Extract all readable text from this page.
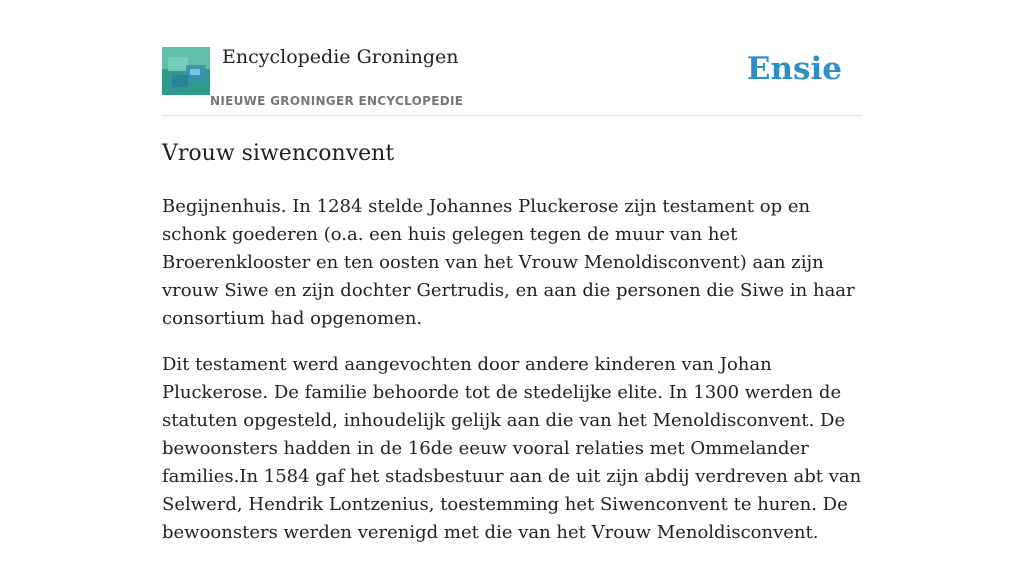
Encyclopedie Groningen
NIEUWE GRONINGER ENCYCLOPEDIE
Ensie
Vrouw siwenconvent

Begijnenhuis. In 1284 stelde Johannes Pluckerose zijn testament op en schonk goederen (o.a. een huis gelegen tegen de muur van het Broerenklooster en ten oosten van het Vrouw Menoldisconvent) aan zijn vrouw Siwe en zijn dochter Gertrudis, en aan die personen die Siwe in haar consortium had opgenomen.

Dit testament werd aangevochten door andere kinderen van Johan Pluckerose. De familie behoorde tot de stedelijke elite. In 1300 werden de statuten opgesteld, inhoudelijk gelijk aan die van het Menoldisconvent. De bewoonsters hadden in de 16de eeuw vooral relaties met Ommelander families.In 1584 gaf het stadsbestuur aan de uit zijn abdij verdreven abt van Selwerd, Hendrik Lontzenius, toestemming het Siwenconvent te huren. De bewoonsters werden verenigd met die van het Vrouw Menoldisconvent.
